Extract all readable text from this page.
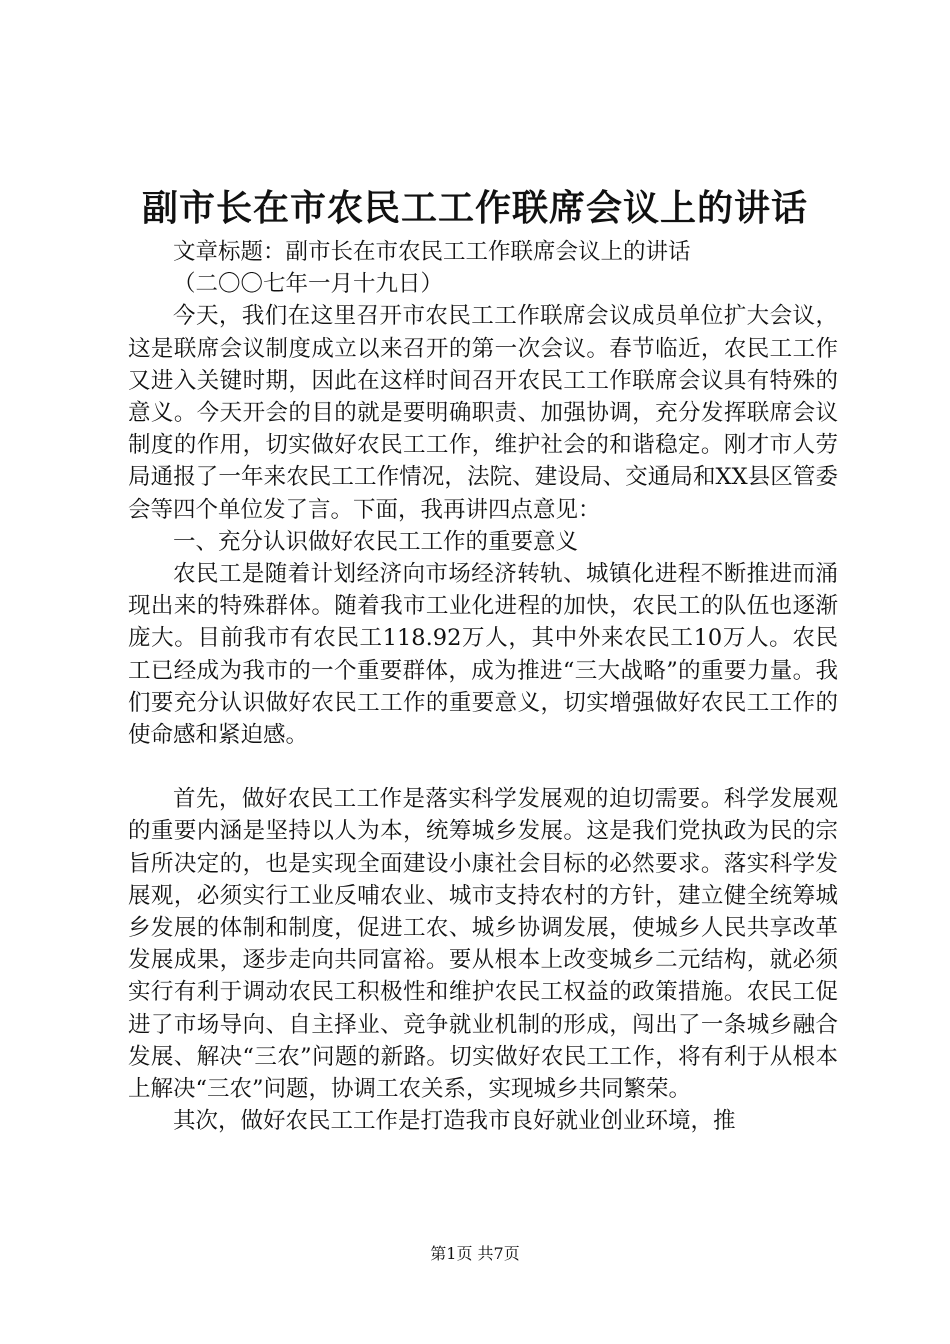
副市长在市农民工工作联席会议上的讲话

文章标题：副市长在市农民工工作联席会议上的讲话

（二〇〇七年一月十九日）

今天，我们在这里召开市农民工工作联席会议成员单位扩大会议，这是联席会议制度成立以来召开的第一次会议。春节临近，农民工工作又进入关键时期，因此在这样时间召开农民工工作联席会议具有特殊的意义。今天开会的目的就是要明确职责、加强协调，充分发挥联席会议制度的作用，切实做好农民工工作，维护社会的和谐稳定。刚才市人劳局通报了一年来农民工工作情况，法院、建设局、交通局和XX县区管委会等四个单位发了言。下面，我再讲四点意见：

一、充分认识做好农民工工作的重要意义

农民工是随着计划经济向市场经济转轨、城镇化进程不断推进而涌现出来的特殊群体。随着我市工业化进程的加快，农民工的队伍也逐渐庞大。目前我市有农民工118.92万人，其中外来农民工10万人。农民工已经成为我市的一个重要群体，成为推进“三大战略”的重要力量。我们要充分认识做好农民工工作的重要意义，切实增强做好农民工工作的使命感和紧迫感。

首先，做好农民工工作是落实科学发展观的迫切需要。科学发展观的重要内涵是坚持以人为本，统筹城乡发展。这是我们党执政为民的宗旨所决定的，也是实现全面建设小康社会目标的必然要求。落实科学发展观，必须实行工业反哺农业、城市支持农村的方针，建立健全统筹城乡发展的体制和制度，促进工农、城乡协调发展，使城乡人民共享改革发展成果，逐步走向共同富裕。要从根本上改变城乡二元结构，就必须实行有利于调动农民工积极性和维护农民工权益的政策措施。农民工促进了市场导向、自主择业、竞争就业机制的形成，闯出了一条城乡融合发展、解决“三农”问题的新路。切实做好农民工工作，将有利于从根本上解决“三农”问题，协调工农关系，实现城乡共同繁荣。

其次，做好农民工工作是打造我市良好就业创业环境，推

第1页 共7页
